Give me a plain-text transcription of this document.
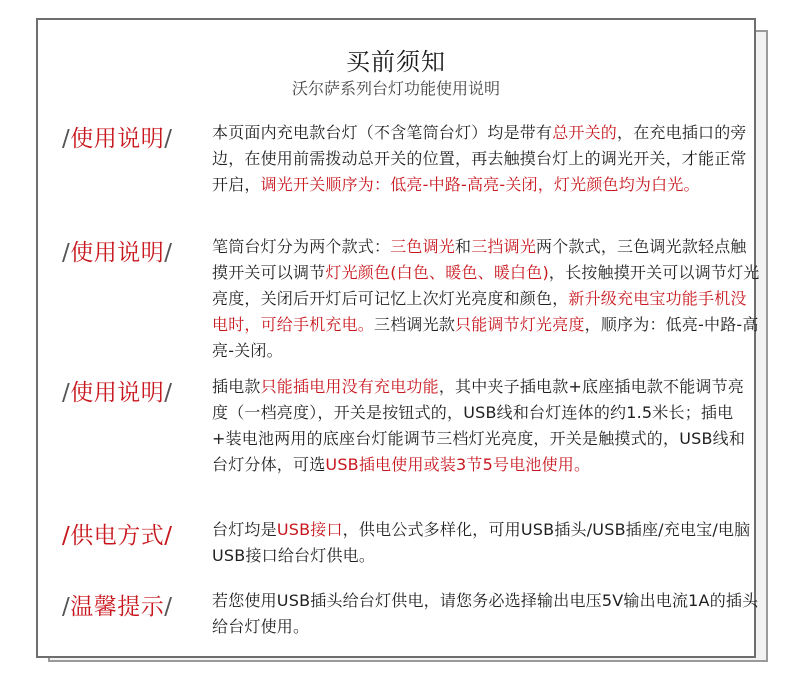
买前须知
沃尔萨系列台灯功能使用说明
/使用说明/ 本页面内充电款台灯（不含笔筒台灯）均是带有总开关的，在充电插口的旁边，在使用前需拨动总开关的位置，再去触摸台灯上的调光开关，才能正常开启，调光开关顺序为：低亮-中路-高亮-关闭，灯光颜色均为白光。
/使用说明/ 笔筒台灯分为两个款式：三色调光和三挡调光两个款式，三色调光款轻点触摸开关可以调节灯光颜色(白色、暖色、暖白色)，长按触摸开关可以调节灯光亮度，关闭后开灯后可记忆上次灯光亮度和颜色，新升级充电宝功能手机没电时，可给手机充电。三档调光款只能调节灯光亮度，顺序为：低亮-中路-高亮-关闭。
/使用说明/ 插电款只能插电用没有充电功能，其中夹子插电款+底座插电款不能调节亮度（一档亮度），开关是按钮式的，USB线和台灯连体的约1.5米长；插电+装电池两用的底座台灯能调节三档灯光亮度，开关是触摸式的，USB线和台灯分体，可选USB插电使用或装3节5号电池使用。
/供电方式/ 台灯均是USB接口，供电公式多样化，可用USB插头/USB插座/充电宝/电脑USB接口给台灯供电。
/温馨提示/ 若您使用USB插头给台灯供电，请您务必选择输出电压5V输出电流1A的插头给台灯使用。
